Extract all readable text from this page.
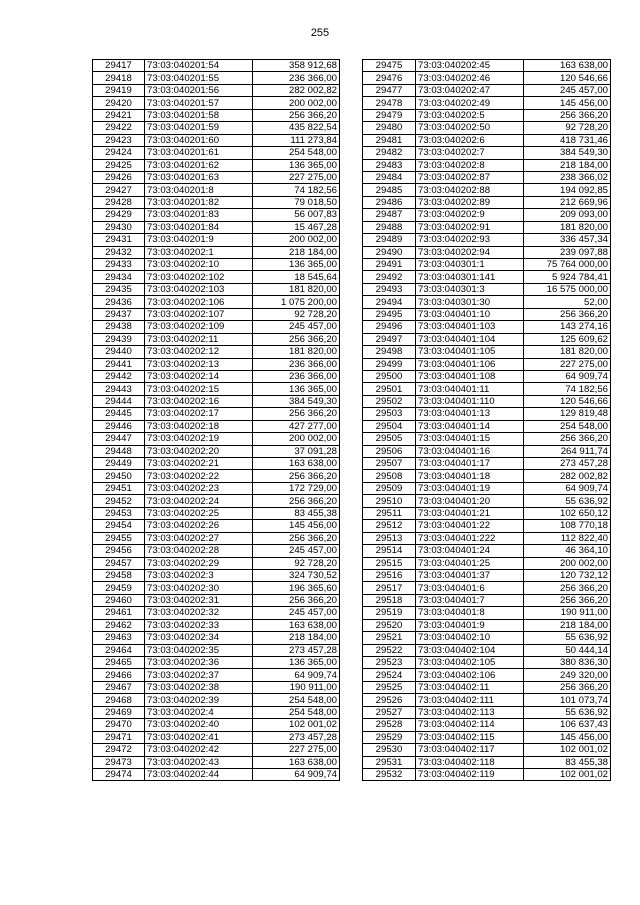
255
29417	73:03:040201:54	358 912,68
29418	73:03:040201:55	236 366,00
29419	73:03:040201:56	282 002,82
29420	73:03:040201:57	200 002,00
29421	73:03:040201:58	256 366,20
29422	73:03:040201:59	435 822,54
29423	73:03:040201:60	111 273,84
29424	73:03:040201:61	254 548,00
29425	73:03:040201:62	136 365,00
29426	73:03:040201:63	227 275,00
29427	73:03:040201:8	74 182,56
29428	73:03:040201:82	79 018,50
29429	73:03:040201:83	56 007,83
29430	73:03:040201:84	15 467,28
29431	73:03:040201:9	200 002,00
29432	73:03:040202:1	218 184,00
29433	73:03:040202:10	136 365,00
29434	73:03:040202:102	18 545,64
29435	73:03:040202:103	181 820,00
29436	73:03:040202:106	1 075 200,00
29437	73:03:040202:107	92 728,20
29438	73:03:040202:109	245 457,00
29439	73:03:040202:11	256 366,20
29440	73:03:040202:12	181 820,00
29441	73:03:040202:13	236 366,00
29442	73:03:040202:14	236 366,00
29443	73:03:040202:15	136 365,00
29444	73:03:040202:16	384 549,30
29445	73:03:040202:17	256 366,20
29446	73:03:040202:18	427 277,00
29447	73:03:040202:19	200 002,00
29448	73:03:040202:20	37 091,28
29449	73:03:040202:21	163 638,00
29450	73:03:040202:22	256 366,20
29451	73:03:040202:23	172 729,00
29452	73:03:040202:24	256 366,20
29453	73:03:040202:25	83 455,38
29454	73:03:040202:26	145 456,00
29455	73:03:040202:27	256 366,20
29456	73:03:040202:28	245 457,00
29457	73:03:040202:29	92 728,20
29458	73:03:040202:3	324 730,52
29459	73:03:040202:30	196 365,60
29460	73:03:040202:31	256 366,20
29461	73:03:040202:32	245 457,00
29462	73:03:040202:33	163 638,00
29463	73:03:040202:34	218 184,00
29464	73:03:040202:35	273 457,28
29465	73:03:040202:36	136 365,00
29466	73:03:040202:37	64 909,74
29467	73:03:040202:38	190 911,00
29468	73:03:040202:39	254 548,00
29469	73:03:040202:4	254 548,00
29470	73:03:040202:40	102 001,02
29471	73:03:040202:41	273 457,28
29472	73:03:040202:42	227 275,00
29473	73:03:040202:43	163 638,00
29474	73:03:040202:44	64 909,74
29475	73:03:040202:45	163 638,00
29476	73:03:040202:46	120 546,66
29477	73:03:040202:47	245 457,00
29478	73:03:040202:49	145 456,00
29479	73:03:040202:5	256 366,20
29480	73:03:040202:50	92 728,20
29481	73:03:040202:6	418 731,46
29482	73:03:040202:7	384 549,30
29483	73:03:040202:8	218 184,00
29484	73:03:040202:87	238 366,02
29485	73:03:040202:88	194 092,85
29486	73:03:040202:89	212 669,96
29487	73:03:040202:9	209 093,00
29488	73:03:040202:91	181 820,00
29489	73:03:040202:93	336 457,34
29490	73:03:040202:94	239 097,88
29491	73:03:040301:1	75 764 000,00
29492	73:03:040301:141	5 924 784,41
29493	73:03:040301:3	16 575 000,00
29494	73:03:040301:30	52,00
29495	73:03:040401:10	256 366,20
29496	73:03:040401:103	143 274,16
29497	73:03:040401:104	125 609,62
29498	73:03:040401:105	181 820,00
29499	73:03:040401:106	227 275,00
29500	73:03:040401:108	64 909,74
29501	73:03:040401:11	74 182,56
29502	73:03:040401:110	120 546,66
29503	73:03:040401:13	129 819,48
29504	73:03:040401:14	254 548,00
29505	73:03:040401:15	256 366,20
29506	73:03:040401:16	264 911,74
29507	73:03:040401:17	273 457,28
29508	73:03:040401:18	282 002,82
29509	73:03:040401:19	64 909,74
29510	73:03:040401:20	55 636,92
29511	73:03:040401:21	102 650,12
29512	73:03:040401:22	108 770,18
29513	73:03:040401:222	112 822,40
29514	73:03:040401:24	46 364,10
29515	73:03:040401:25	200 002,00
29516	73:03:040401:37	120 732,12
29517	73:03:040401:6	256 366,20
29518	73:03:040401:7	256 366,20
29519	73:03:040401:8	190 911,00
29520	73:03:040401:9	218 184,00
29521	73:03:040402:10	55 636,92
29522	73:03:040402:104	50 444,14
29523	73:03:040402:105	380 836,30
29524	73:03:040402:106	249 320,00
29525	73:03:040402:11	256 366,20
29526	73:03:040402:111	101 073,74
29527	73:03:040402:113	55 636,92
29528	73:03:040402:114	106 637,43
29529	73:03:040402:115	145 456,00
29530	73:03:040402:117	102 001,02
29531	73:03:040402:118	83 455,38
29532	73:03:040402:119	102 001,02
